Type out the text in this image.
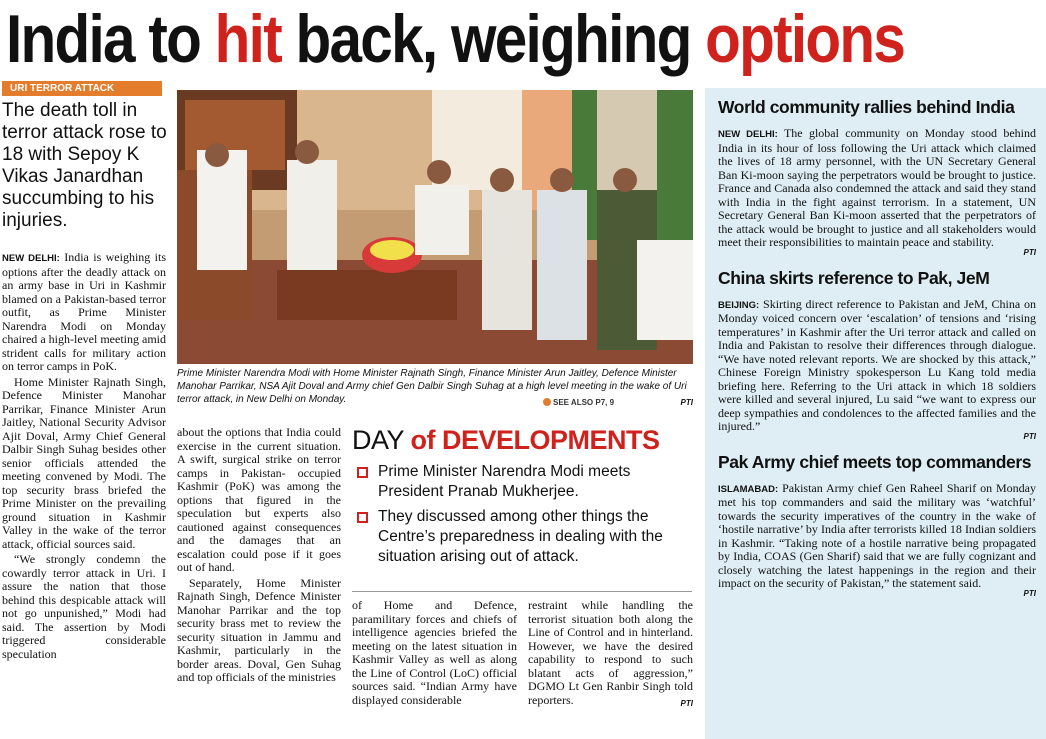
India to hit back, weighing options
URI TERROR ATTACK
The death toll in terror attack rose to 18 with Sepoy K Vikas Janardhan succumbing to his injuries.

NEW DELHI: India is weighing its options after the deadly attack on an army base in Uri in Kashmir blamed on a Pakistan-based terror outfit, as Prime Minister Narendra Modi on Monday chaired a high-level meeting amid strident calls for military action on terror camps in PoK.

Home Minister Rajnath Singh, Defence Minister Manohar Parrikar, Finance Minister Arun Jaitley, National Security Advisor Ajit Doval, Army Chief General Dalbir Singh Suhag besides other senior officials attended the meeting convened by Modi. The top security brass briefed the Prime Minister on the prevailing ground situation in Kashmir Valley in the wake of the terror attack, official sources said.

“We strongly condemn the cowardly terror attack in Uri. I assure the nation that those behind this despicable attack will not go unpunished,” Modi had said. The assertion by Modi triggered considerable speculation

Prime Minister Narendra Modi with Home Minister Rajnath Singh, Finance Minister Arun Jaitley, Defence Minister Manohar Parrikar, NSA Ajit Doval and Army chief Gen Dalbir Singh Suhag at a high level meeting in the wake of Uri terror attack, in New Delhi on Monday.	SEE ALSO P7, 9	PTI

about the options that India could exercise in the current situation. A swift, surgical strike on terror camps in Pakistan- occupied Kashmir (PoK) was among the options that figured in the speculation but experts also cautioned against consequences and the damages that an escalation could pose if it goes out of hand.

Separately, Home Minister Rajnath Singh, Defence Minister Manohar Parrikar and the top security brass met to review the security situation in Jammu and Kashmir, particularly in the border areas. Doval, Gen Suhag and top officials of the ministries

DAY of DEVELOPMENTS
Prime Minister Narendra Modi meets President Pranab Mukherjee.
They discussed among other things the Centre’s preparedness in dealing with the situation arising out of attack.

of Home and Defence, paramilitary forces and chiefs of intelligence agencies briefed the meeting on the latest situation in Kashmir Valley as well as along the Line of Control (LoC) official sources said. “Indian Army have displayed considerable

restraint while handling the terrorist situation both along the Line of Control and in hinterland. However, we have the desired capability to respond to such blatant acts of aggression,” DGMO Lt Gen Ranbir Singh told reporters.	PTI
World community rallies behind India
NEW DELHI: The global community on Monday stood behind India in its hour of loss following the Uri attack which claimed the lives of 18 army personnel, with the UN Secretary General Ban Ki-moon saying the perpetrators would be brought to justice. France and Canada also condemned the attack and said they stand with India in the fight against terrorism. In a statement, UN Secretary General Ban Ki-moon asserted that the perpetrators of the attack would be brought to justice and all stakeholders would meet their responsibilities to maintain peace and stability.
PTI
China skirts reference to Pak, JeM
BEIJING: Skirting direct reference to Pakistan and JeM, China on Monday voiced concern over ‘escalation’ of tensions and ‘rising temperatures’ in Kashmir after the Uri terror attack and called on India and Pakistan to resolve their differences through dialogue. “We have noted relevant reports. We are shocked by this attack,” Chinese Foreign Ministry spokesperson Lu Kang told media briefing here. Referring to the Uri attack in which 18 soldiers were killed and several injured, Lu said “we want to express our deep sympathies and condolences to the affected families and the injured.”
PTI
Pak Army chief meets top commanders
ISLAMABAD: Pakistan Army chief Gen Raheel Sharif on Monday met his top commanders and said the military was ‘watchful’ towards the security imperatives of the country in the wake of ‘hostile narrative’ by India after terrorists killed 18 Indian soldiers in Kashmir. “Taking note of a hostile narrative being propagated by India, COAS (Gen Sharif) said that we are fully cognizant and closely watching the latest happenings in the region and their impact on the security of Pakistan,” the statement said.
PTI
